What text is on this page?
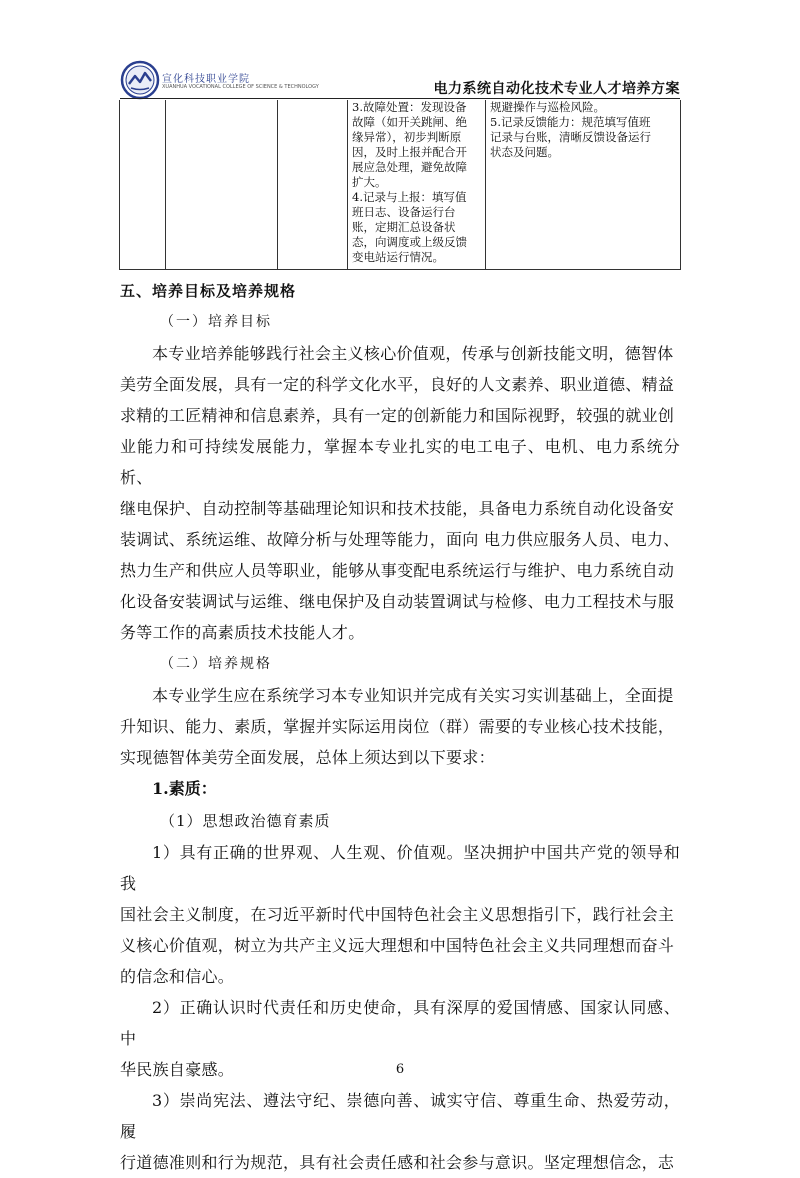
宣化科技职业学院
XUANHUA VOCATIONAL COLLEGE OF SCIENCE & TECHNOLOGY	电力系统自动化技术专业人才培养方案

3.故障处置：发现设备

故障（如开关跳闸、绝

缘异常），初步判断原

因，及时上报并配合开

展应急处理，避免故障

扩大。

4.记录与上报：填写值

班日志、设备运行台

账，定期汇总设备状

态，向调度或上级反馈

变电站运行情况。

规避操作与巡检风险。

5.记录反馈能力：规范填写值班

记录与台账，清晰反馈设备运行

状态及问题。

五、培养目标及培养规格
（一）培养目标

本专业培养能够践行社会主义核心价值观，传承与创新技能文明，德智体

美劳全面发展，具有一定的科学文化水平，良好的人文素养、职业道德、精益

求精的工匠精神和信息素养，具有一定的创新能力和国际视野，较强的就业创

业能力和可持续发展能力，掌握本专业扎实的电工电子、电机、电力系统分析、

继电保护、自动控制等基础理论知识和技术技能，具备电力系统自动化设备安

装调试、系统运维、故障分析与处理等能力，面向 电力供应服务人员、电力、

热力生产和供应人员等职业，能够从事变配电系统运行与维护、电力系统自动

化设备安装调试与运维、继电保护及自动装置调试与检修、电力工程技术与服

务等工作的高素质技术技能人才。

（二）培养规格

本专业学生应在系统学习本专业知识并完成有关实习实训基础上，全面提

升知识、能力、素质，掌握并实际运用岗位（群）需要的专业核心技术技能，

实现德智体美劳全面发展，总体上须达到以下要求：

1.素质：
（1）思想政治德育素质

1）具有正确的世界观、人生观、价值观。坚决拥护中国共产党的领导和我

国社会主义制度，在习近平新时代中国特色社会主义思想指引下，践行社会主

义核心价值观，树立为共产主义远大理想和中国特色社会主义共同理想而奋斗

的信念和信心。

2）正确认识时代责任和历史使命，具有深厚的爱国情感、国家认同感、中

华民族自豪感。

3）崇尚宪法、遵法守纪、崇德向善、诚实守信、尊重生命、热爱劳动，履

行道德准则和行为规范，具有社会责任感和社会参与意识。坚定理想信念，志

6
